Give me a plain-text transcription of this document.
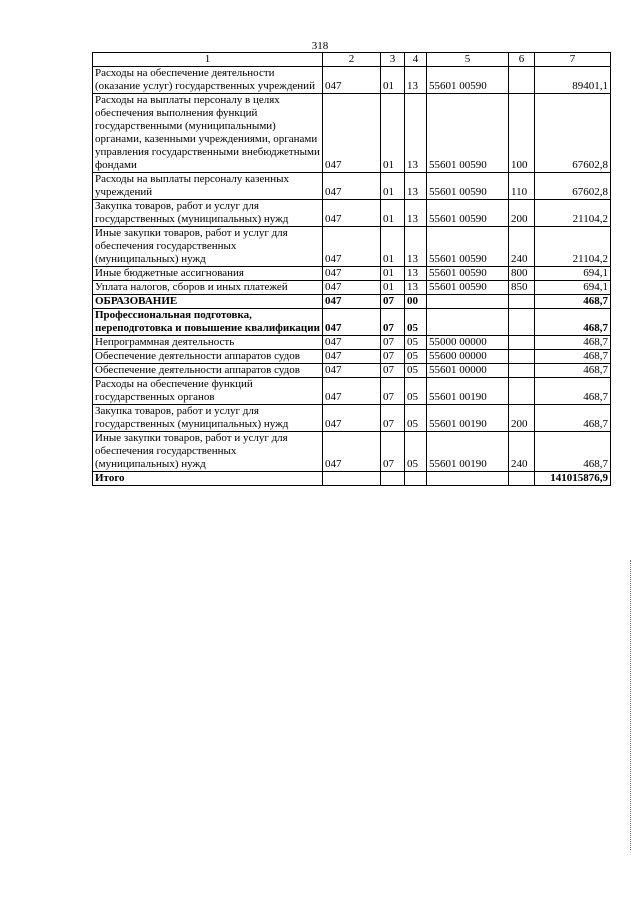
318
1	2	3	4	5	6	7
Расходы на обеспечение деятельности (оказание услуг) государственных учреждений	047	01	13	55601 00590		89401,1
Расходы на выплаты персоналу в целях обеспечения выполнения функций государственными (муниципальными) органами, казенными учреждениями, органами управления государственными внебюджетными фондами	047	01	13	55601 00590	100	67602,8
Расходы на выплаты персоналу казенных учреждений	047	01	13	55601 00590	110	67602,8
Закупка товаров, работ и услуг для государственных (муниципальных) нужд	047	01	13	55601 00590	200	21104,2
Иные закупки товаров, работ и услуг для обеспечения государственных (муниципальных) нужд	047	01	13	55601 00590	240	21104,2
Иные бюджетные ассигнования	047	01	13	55601 00590	800	694,1
Уплата налогов, сборов и иных платежей	047	01	13	55601 00590	850	694,1
ОБРАЗОВАНИЕ	047	07	00			468,7
Профессиональная подготовка, переподготовка и повышение квалификации	047	07	05			468,7
Непрограммная деятельность	047	07	05	55000 00000		468,7
Обеспечение деятельности аппаратов судов	047	07	05	55600 00000		468,7
Обеспечение деятельности аппаратов судов	047	07	05	55601 00000		468,7
Расходы на обеспечение функций государственных органов	047	07	05	55601 00190		468,7
Закупка товаров, работ и услуг для государственных (муниципальных) нужд	047	07	05	55601 00190	200	468,7
Иные закупки товаров, работ и услуг для обеспечения государственных (муниципальных) нужд	047	07	05	55601 00190	240	468,7
Итого						141015876,9
